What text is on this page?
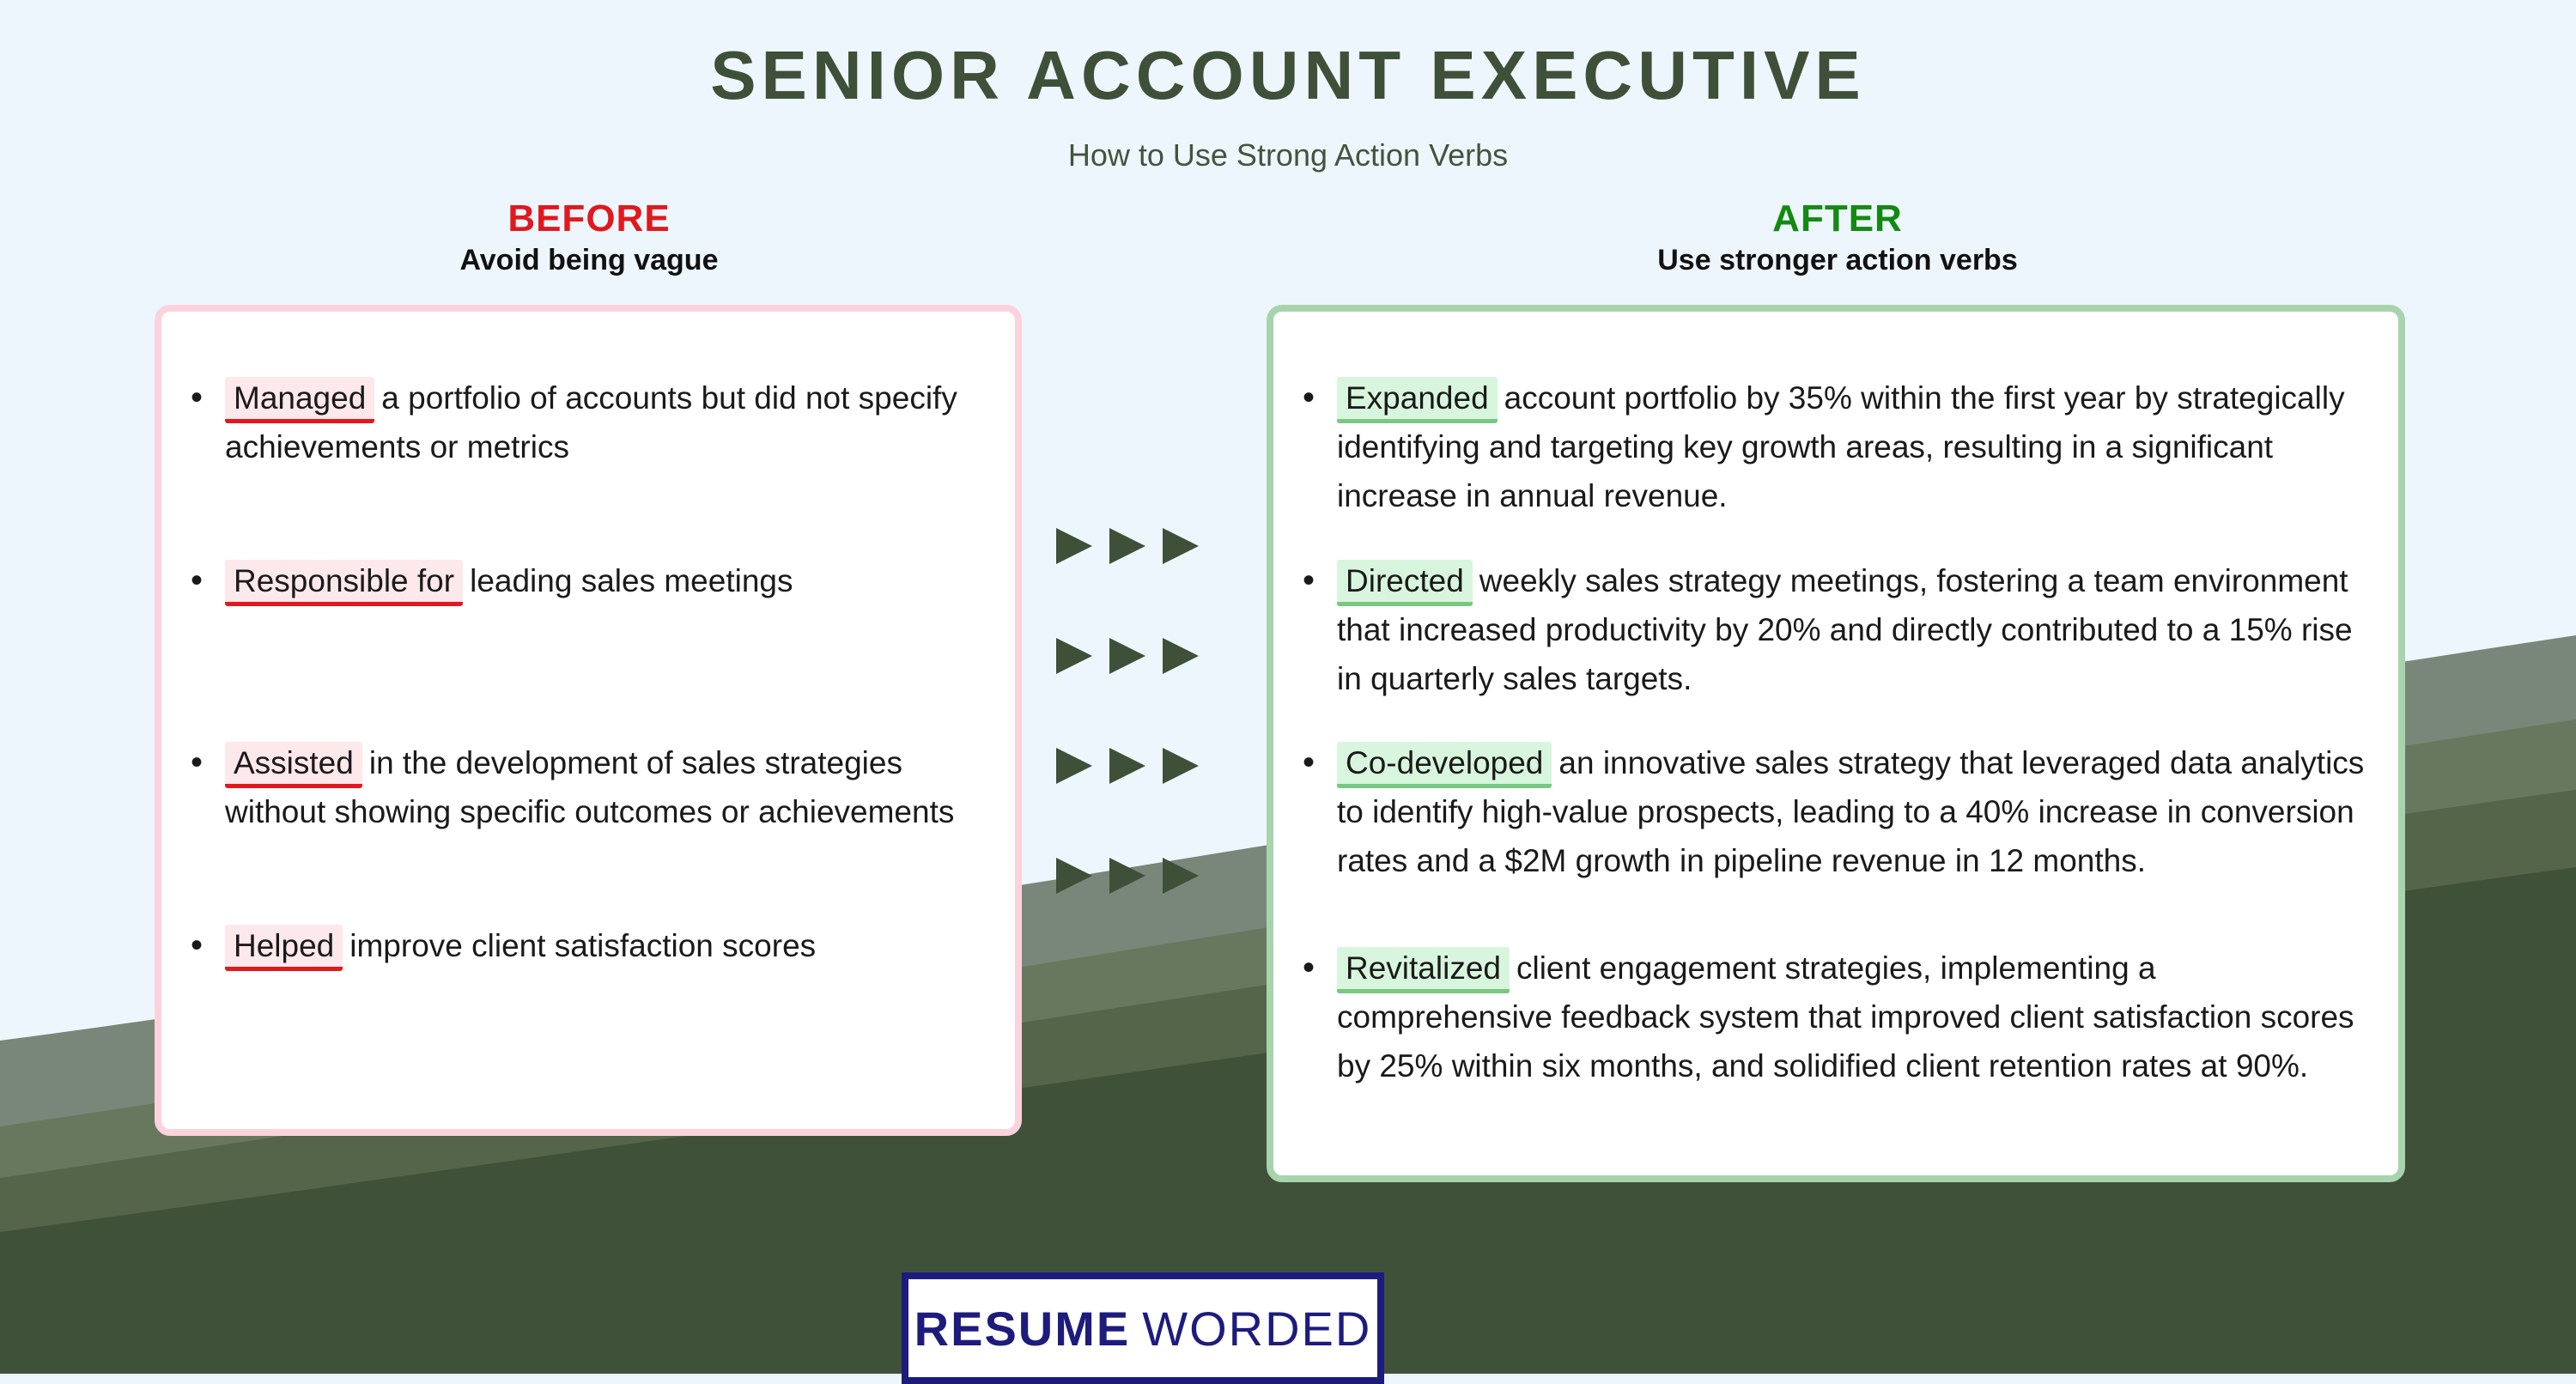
SENIOR ACCOUNT EXECUTIVE
How to Use Strong Action Verbs
BEFORE
Avoid being vague
AFTER
Use stronger action verbs
• Managed a portfolio of accounts but did not specify achievements or metrics
• Responsible for leading sales meetings
• Assisted in the development of sales strategies without showing specific outcomes or achievements
• Helped improve client satisfaction scores
• Expanded account portfolio by 35% within the first year by strategically identifying and targeting key growth areas, resulting in a significant increase in annual revenue.
• Directed weekly sales strategy meetings, fostering a team environment that increased productivity by 20% and directly contributed to a 15% rise in quarterly sales targets.
• Co-developed an innovative sales strategy that leveraged data analytics to identify high-value prospects, leading to a 40% increase in conversion rates and a $2M growth in pipeline revenue in 12 months.
• Revitalized client engagement strategies, implementing a comprehensive feedback system that improved client satisfaction scores by 25% within six months, and solidified client retention rates at 90%.
RESUME WORDED
